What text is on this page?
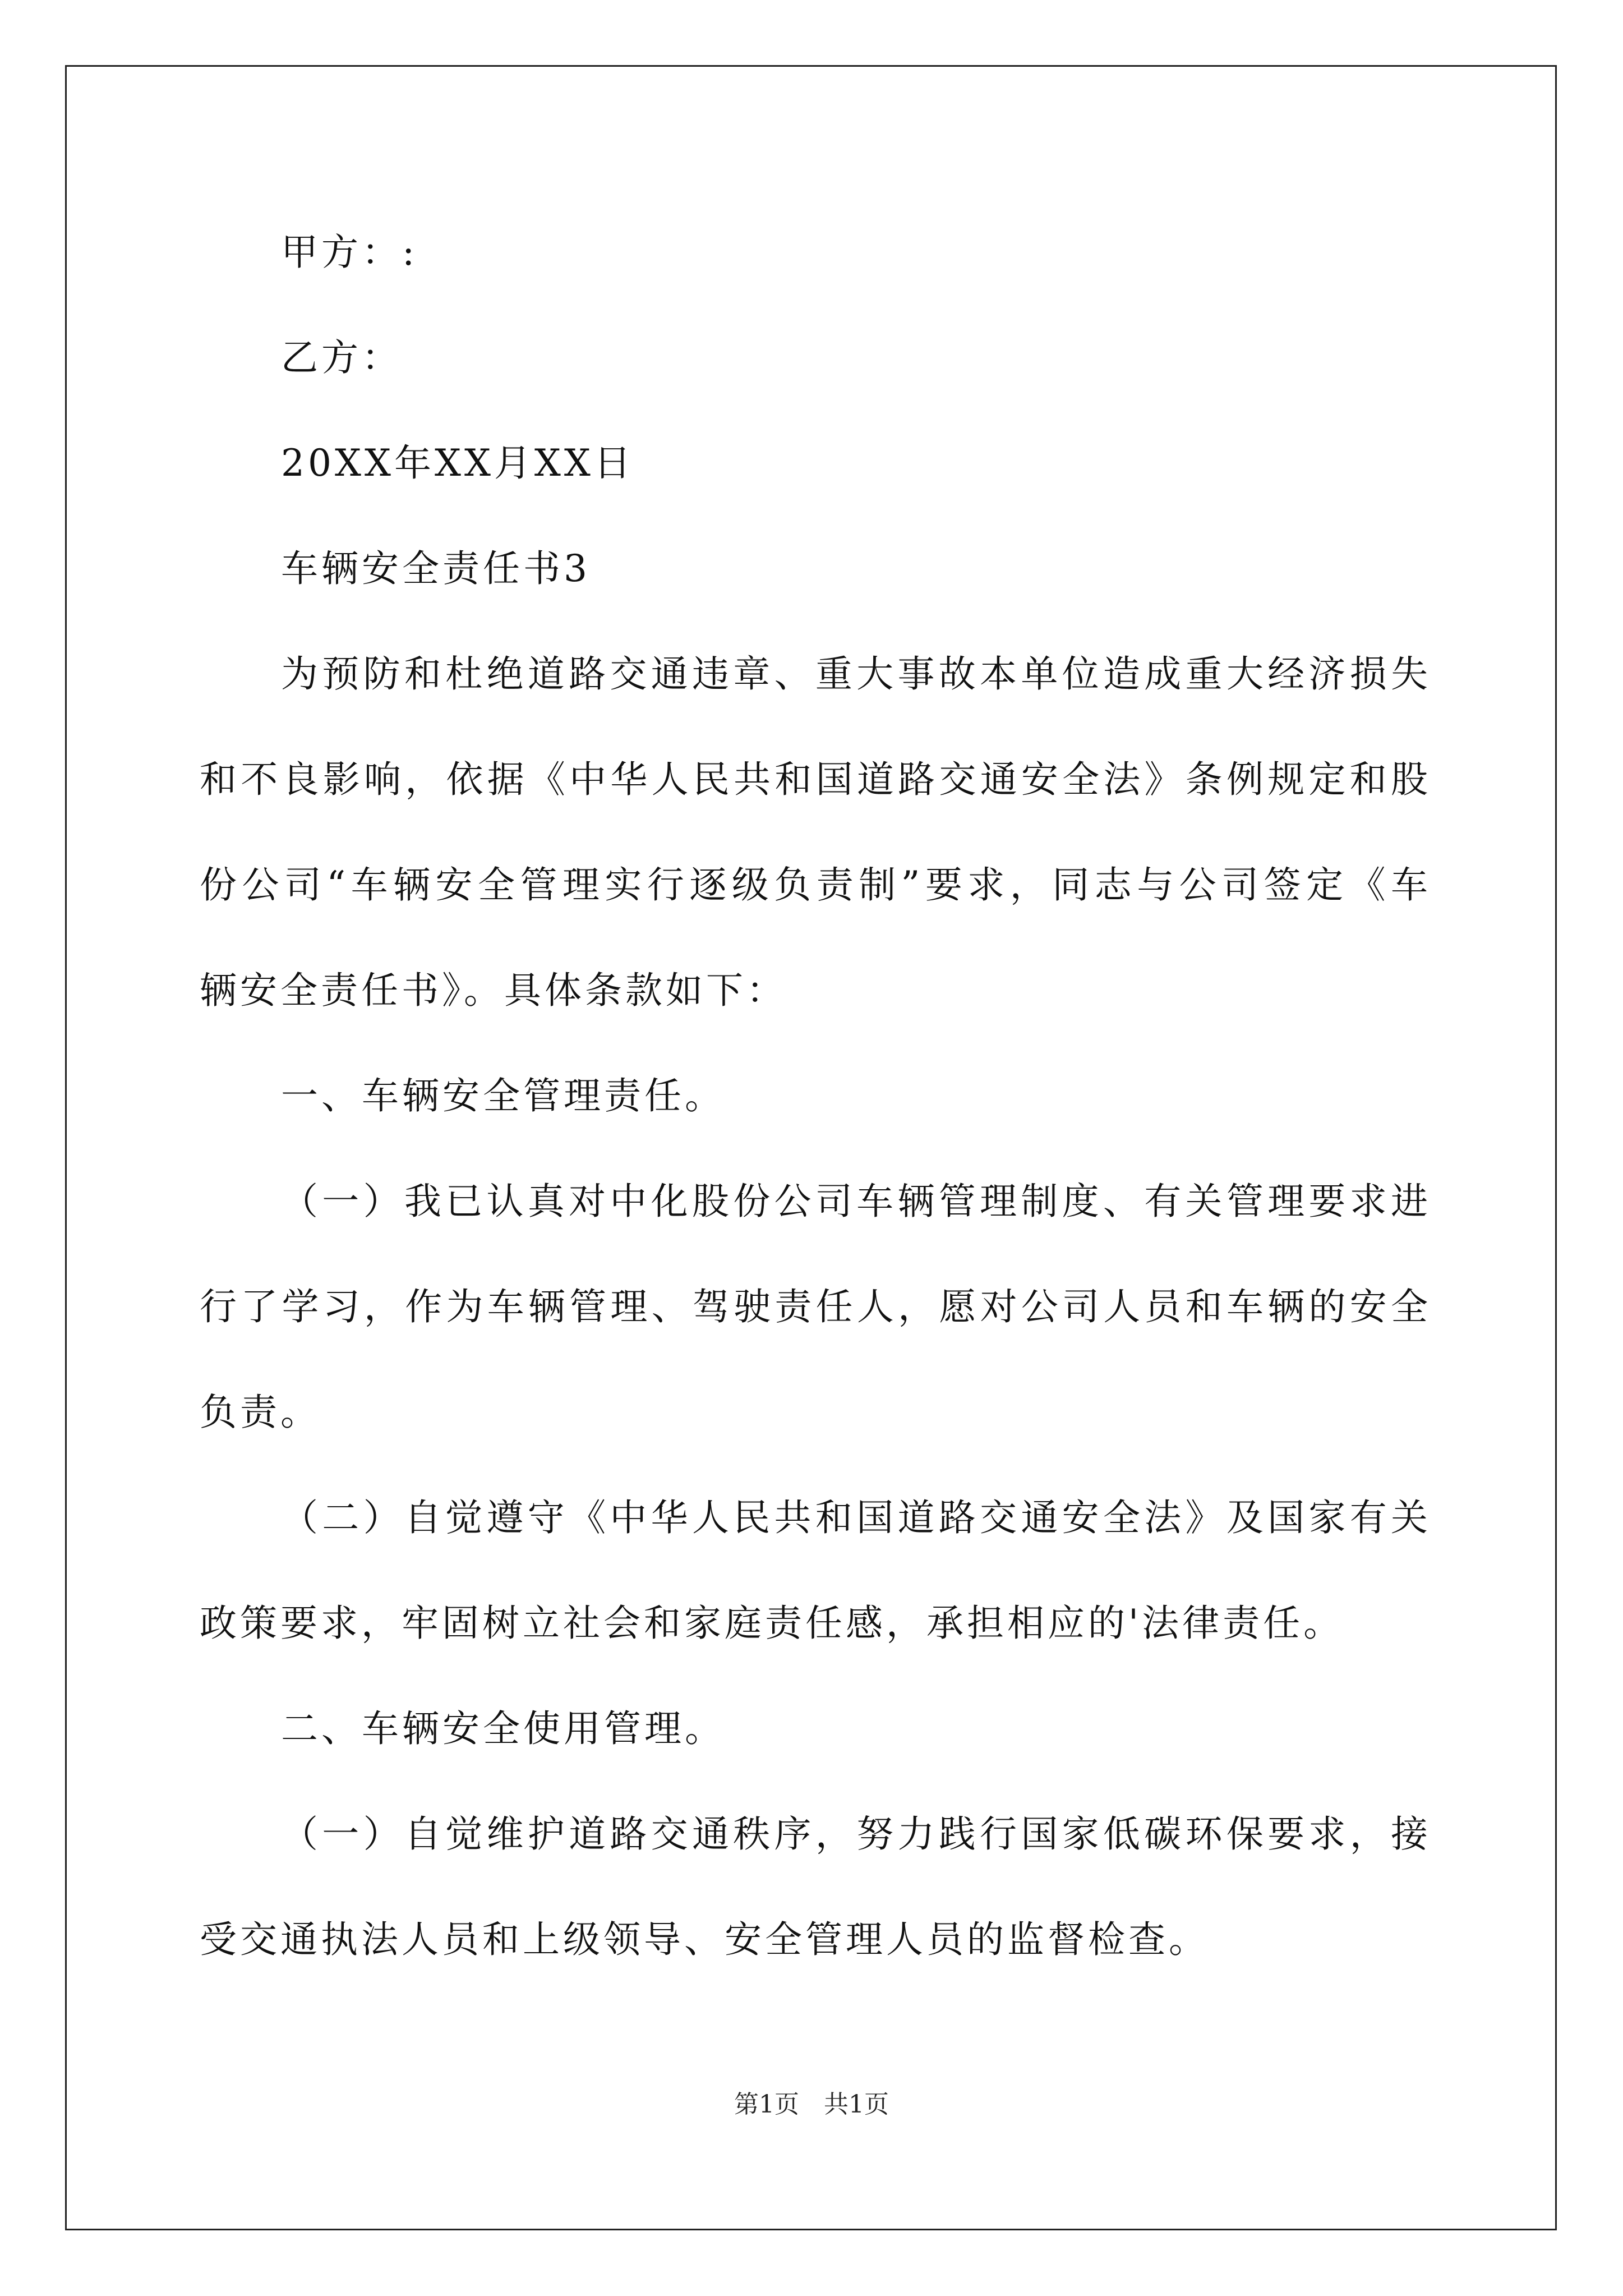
甲方：:
乙方：
20XX年XX月XX日
车辆安全责任书3
为预防和杜绝道路交通违章、重大事故本单位造成重大经济损失
和不良影响，依据《中华人民共和国道路交通安全法》条例规定和股
份公司“车辆安全管理实行逐级负责制”要求，同志与公司签定《车
辆安全责任书》。具体条款如下：
一、车辆安全管理责任。
（一）我已认真对中化股份公司车辆管理制度、有关管理要求进
行了学习，作为车辆管理、驾驶责任人，愿对公司人员和车辆的安全
负责。
（二）自觉遵守《中华人民共和国道路交通安全法》及国家有关
政策要求，牢固树立社会和家庭责任感，承担相应的'法律责任。
二、车辆安全使用管理。
（一）自觉维护道路交通秩序，努力践行国家低碳环保要求，接
受交通执法人员和上级领导、安全管理人员的监督检查。
第1页　共1页
